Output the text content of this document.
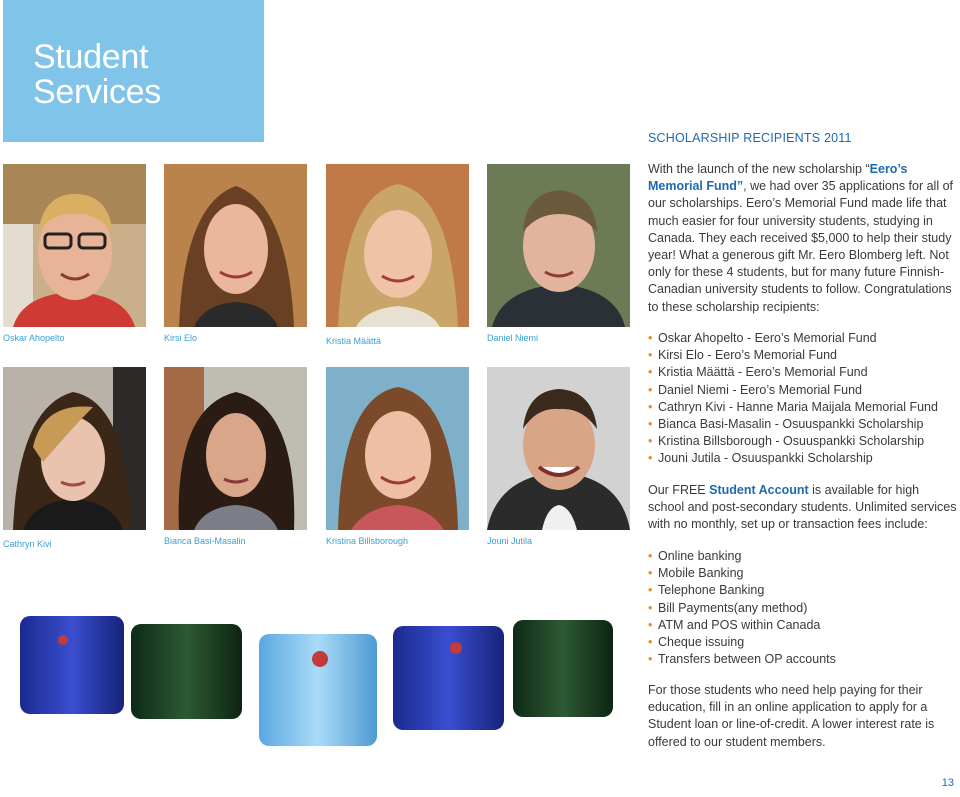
Student
Services
Oskar Ahopelto	Kirsi Elo	Kristia Määttä	Daniel Niemi
Cathryn Kivi	Bianca Basi-Masalin	Kristina Billsborough	Jouni Jutila
SCHOLARSHIP RECIPIENTS 2011
With the launch of the new scholarship “Eero’s Memorial Fund”, we had over 35 applications for all of our scholarships. Eero’s Memorial Fund made life that much easier for four university students, studying in Canada. They each received $5,000 to help their study year! What a generous gift Mr. Eero Blomberg left. Not only for these 4 students, but for many future Finnish-Canadian university students to follow. Congratulations to these scholarship recipients:
• Oskar Ahopelto - Eero’s Memorial Fund
• Kirsi Elo - Eero’s Memorial Fund
• Kristia Määttä - Eero’s Memorial Fund
• Daniel Niemi - Eero’s Memorial Fund
• Cathryn Kivi - Hanne Maria Maijala Memorial Fund
• Bianca Basi-Masalin - Osuuspankki Scholarship
• Kristina Billsborough - Osuuspankki Scholarship
• Jouni Jutila - Osuuspankki Scholarship
Our FREE Student Account is available for high school and post-secondary students. Unlimited services with no monthly, set up or transaction fees include:
• Online banking
• Mobile Banking
• Telephone Banking
• Bill Payments(any method)
• ATM and POS within Canada
• Cheque issuing
• Transfers between OP accounts
For those students who need help paying for their education, fill in an online application to apply for a Student loan or line-of-credit. A lower interest rate is offered to our student members.
13
